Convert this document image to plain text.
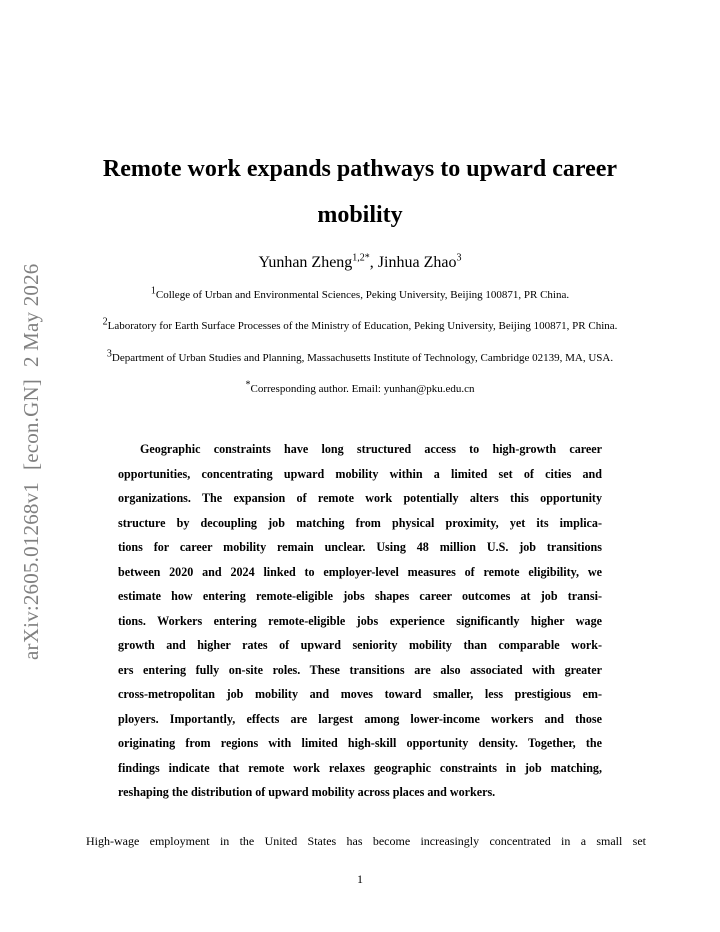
arXiv:2605.01268v1
[econ.GN]
2 May 2026
Remote work expands pathways to upward career
mobility
Yunhan Zheng$^{1,2*}$, Jinhua Zhao$^3$
$^1$College of Urban and Environmental Sciences, Peking University, Beijing 100871, PR China.
$^2$Laboratory for Earth Surface Processes of the Ministry of Education, Peking University, Beijing 100871, PR China.
$^3$Department of Urban Studies and Planning, Massachusetts Institute of Technology, Cambridge 02139, MA, USA.
*Corresponding author. Email: yunhan@pku.edu.cn
Geographic constraints have long structured access to high-growth career
opportunities, concentrating upward mobility within a limited set of cities and
organizations. The expansion of remote work potentially alters this opportunity
structure by decoupling job matching from physical proximity, yet its implica-
tions for career mobility remain unclear. Using 48 million U.S. job transitions
between 2020 and 2024 linked to employer-level measures of remote eligibility, we
estimate how entering remote-eligible jobs shapes career outcomes at job transi-
tions. Workers entering remote-eligible jobs experience significantly higher wage
growth and higher rates of upward seniority mobility than comparable work-
ers entering fully on-site roles. These transitions are also associated with greater
cross-metropolitan job mobility and moves toward smaller, less prestigious em-
ployers. Importantly, effects are largest among lower-income workers and those
originating from regions with limited high-skill opportunity density. Together, the
findings indicate that remote work relaxes geographic constraints in job matching,
reshaping the distribution of upward mobility across places and workers.
High-wage employment in the United States has become increasingly concentrated in a small set
1
